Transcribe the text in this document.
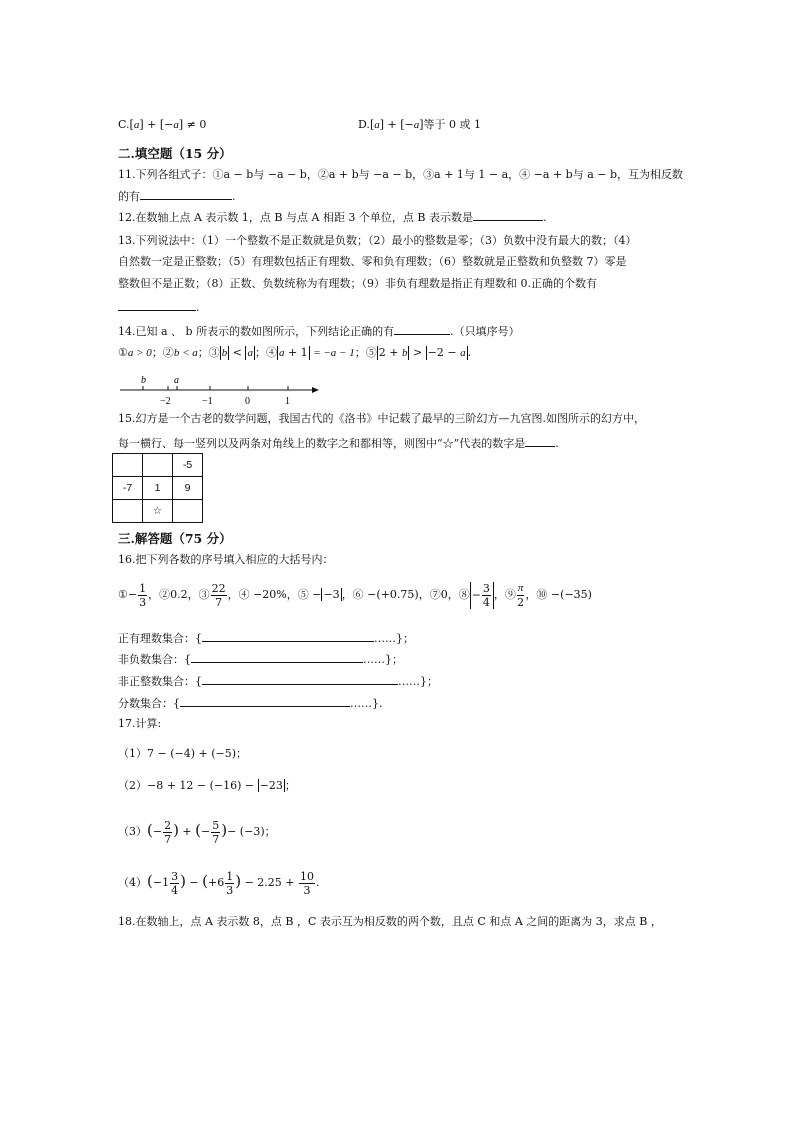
C.[a] + [−a] ≠ 0	D.[a] + [−a]等于 0 或 1
二.填空题（15 分）
11.下列各组式子：①a − b与 −a − b，②a + b与 −a − b，③a + 1与 1 − a，④ −a + b与 a − b，互为相反数
的有	.
12.在数轴上点 A 表示数 1，点 B 与点 A 相距 3 个单位，点 B 表示数是	.
13.下列说法中：（1）一个整数不是正数就是负数；（2）最小的整数是零；（3）负数中没有最大的数；（4）
自然数一定是正整数；（5）有理数包括正有理数、零和负有理数；（6）整数就是正整数和负整数 7）零是
整数但不是正数；（8）正数、负数统称为有理数；（9）非负有理数是指正有理数和 0.正确的个数有
.
14.已知 a 、 b 所表示的数如图所示，下列结论正确的有	.（只填序号）
①a > 0；②b < a；③ b < a ；④ a + 1 = −a − 1；⑤ 2 + b > −2 − a .
b	a
−2	−1	0	1
15.幻方是一个古老的数学问题，我国古代的《洛书》中记载了最早的三阶幻方—九宫图.如图所示的幻方中，
每一横行、每一竖列以及两条对角线上的数字之和都相等，则图中“☆”代表的数字是	.
		-5
-7	1	9
	☆	
三.解答题（75 分）
16.把下列各数的序号填入相应的大括号内：
①− $\frac{1}{3}$ ，②0.2，③ $\frac{22}{7}$ ，④ −20%，⑤ − −3 ，⑥ −(+0.75)，⑦0，⑧ − $\frac{3}{4}$ ，⑨ $\frac{\pi}{2}$ ，⑩ −(−35)
正有理数集合：{	……}；
非负数集合：{	……}；
非正整数集合：{	……}；
分数集合：{	……}.
17.计算:
（1）7 − (−4) + (−5)；
（2）−8 + 12 − (−16) − −23 ；
$(3)(- \frac{2}{7}$ ) + (− $\frac{5}{7}$ )− (−3)；
$(4)(- 1 \frac{3}{4}$ ) − (+ $6 \frac{1}{3}$ ) − $2.25 + \frac{10}{3}$ .
18.在数轴上，点 A 表示数 8，点 B ，C 表示互为相反数的两个数，且点 C 和点 A 之间的距离为 3，求点 B ，
